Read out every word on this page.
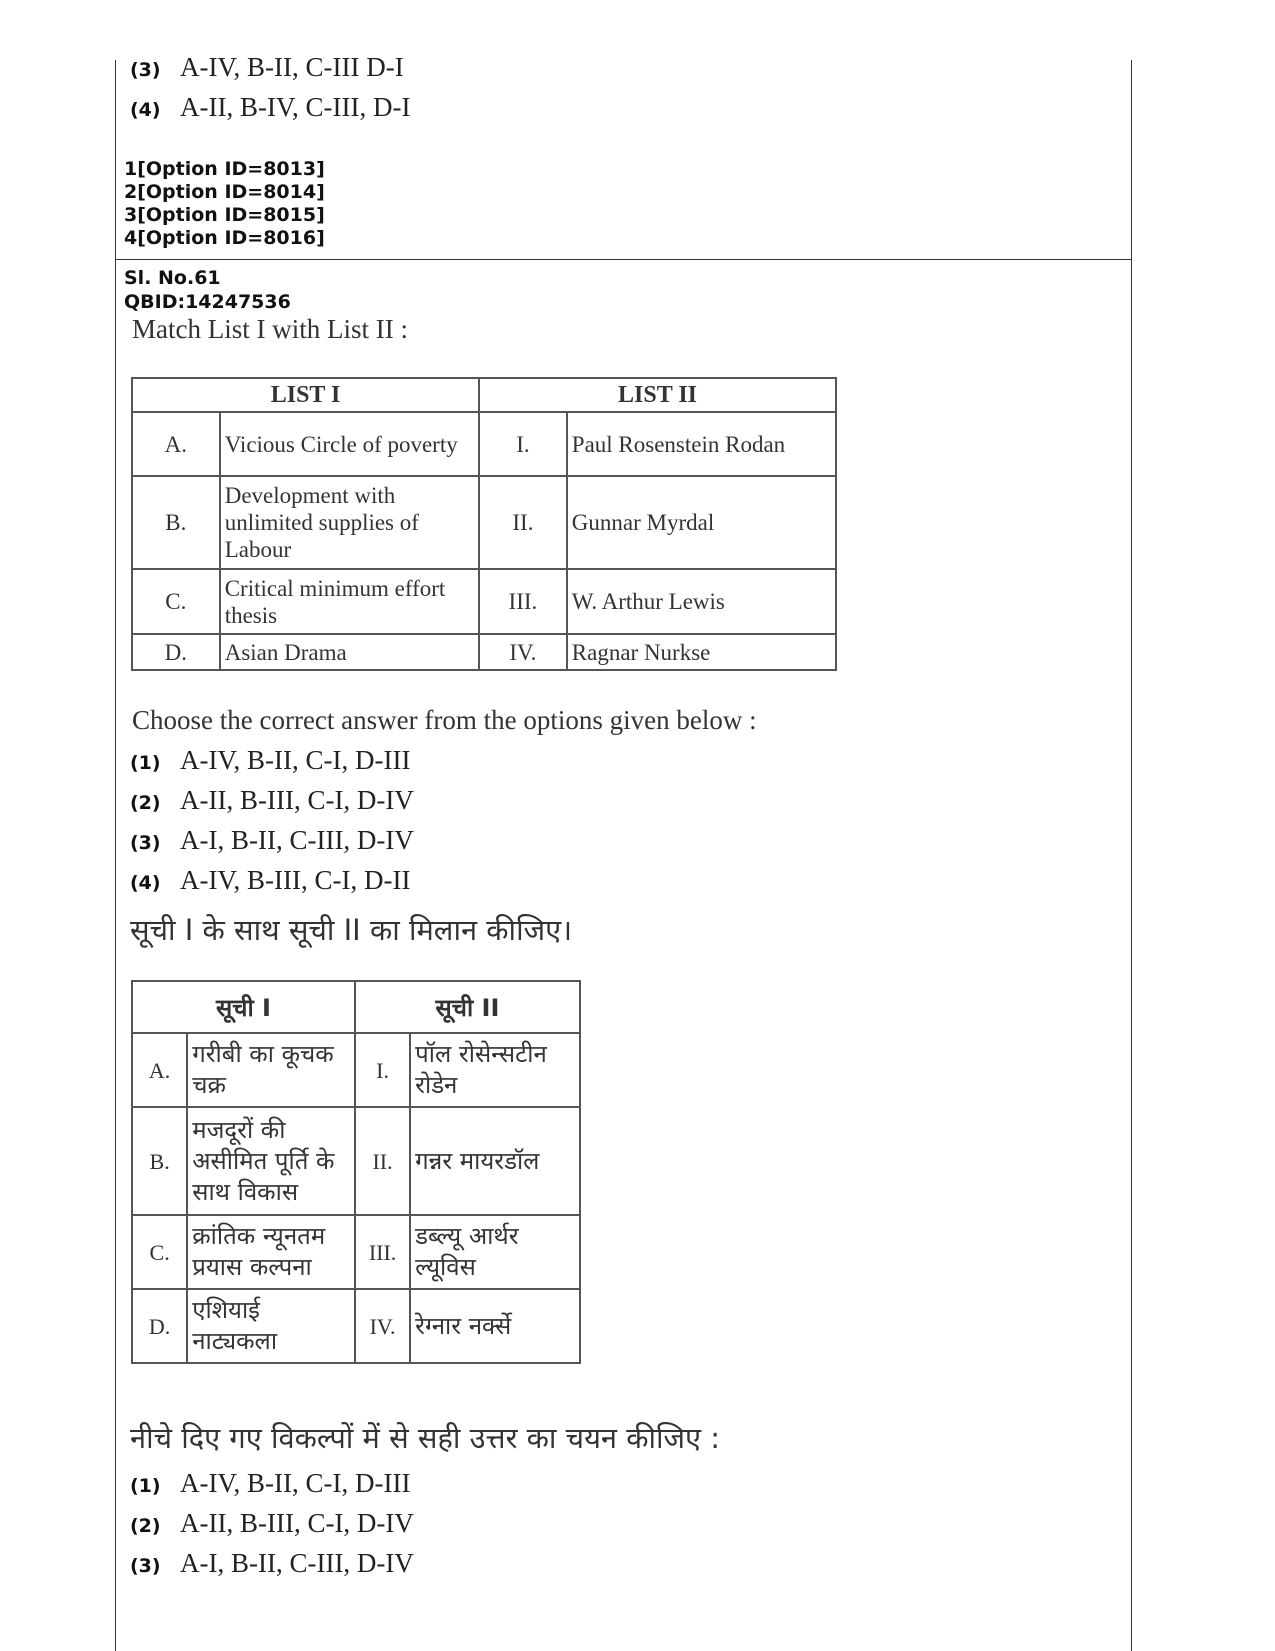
(3) A-IV, B-II, C-III D-I
(4) A-II, B-IV, C-III, D-I
1[Option ID=8013]
2[Option ID=8014]
3[Option ID=8015]
4[Option ID=8016]
Sl. No.61
QBID:14247536
Match List I with List II :
LIST I		LIST II	
A.	Vicious Circle of poverty	I.	Paul Rosenstein Rodan
B.	Development with unlimited supplies of Labour	II.	Gunnar Myrdal
C.	Critical minimum effort thesis	III.	W. Arthur Lewis
D.	Asian Drama	IV.	Ragnar Nurkse
Choose the correct answer from the options given below :
(1) A-IV, B-II, C-I, D-III
(2) A-II, B-III, C-I, D-IV
(3) A-I, B-II, C-III, D-IV
(4) A-IV, B-III, C-I, D-II
सूची I के साथ सूची II का मिलान कीजिए।
सूची I		सूची II	
A.	गरीबी का कूचक चक्र	I.	पॉल रोसेन्सटीन रोडेन
B.	मजदूरों की असीमित पूर्ति के साथ विकास	II.	गन्नर मायरडॉल
C.	क्रांतिक न्यूनतम प्रयास कल्पना	III.	डब्ल्यू आर्थर ल्यूविस
D.	एशियाई नाट्यकला	IV.	रेग्नार नर्क्से
नीचे दिए गए विकल्पों में से सही उत्तर का चयन कीजिए :
(1) A-IV, B-II, C-I, D-III
(2) A-II, B-III, C-I, D-IV
(3) A-I, B-II, C-III, D-IV
